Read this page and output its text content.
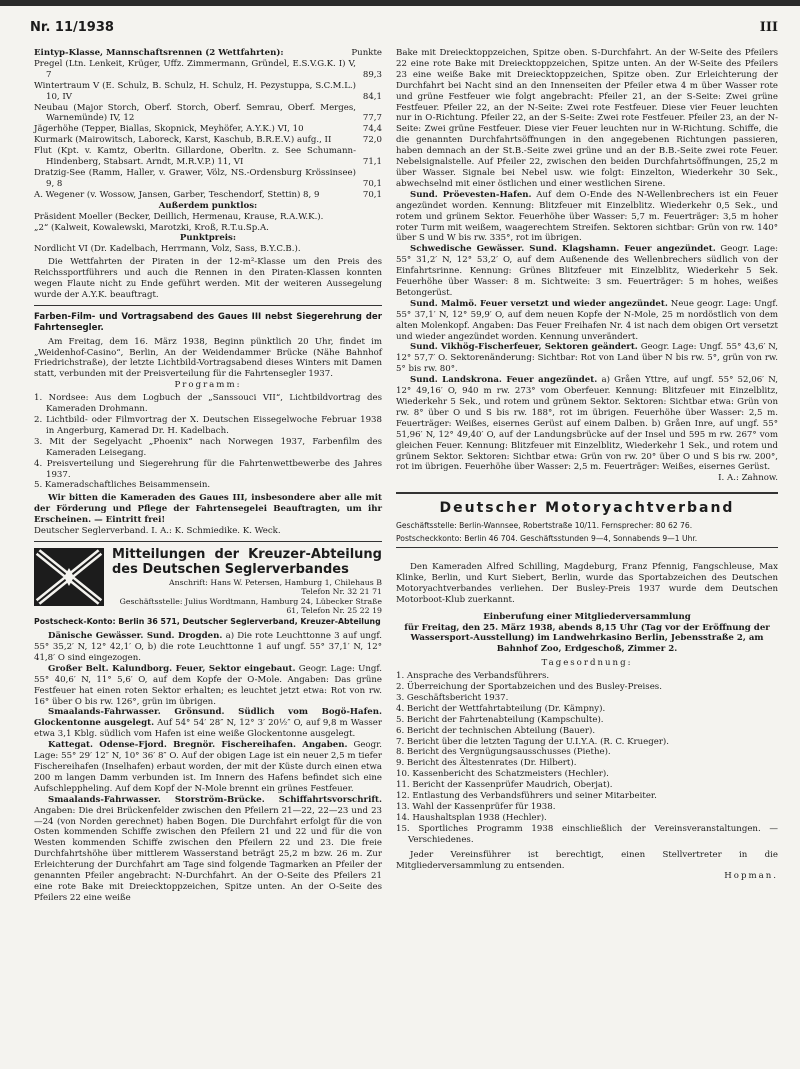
Nr. 11/1938	III
Eintyp-Klasse, Mannschaftsrennen (2 Wettfahrten):	Punkte
Pregel (Ltn. Lenkeit, Krüger, Uffz. Zimmermann, Gründel, E.S.V.G.K. I) V, 7	89,3
Wintertraum V (E. Schulz, B. Schulz, H. Schulz, H. Pezystuppa, S.C.M.L.) 10, IV	84,1
Neubau (Major Storch, Oberf. Storch, Oberf. Semrau, Oberf. Merges, Warnemünde) IV, 12	77,7
Jägerhöhe (Tepper, Biallas, Skopnick, Meyhöfer, A.Y.K.) VI, 10	74,4
Kurmark (Mairowitsch, Laboreck, Karst, Kaschub, B.R.E.V.) aufg., II	72,0
Flut (Kpt. v. Kamtz, Oberltn. Gillardone, Oberltn. z. See Schumann-Hindenberg, Stabsart. Arndt, M.R.V.P.) 11, VI	71,1
Dratzig-See (Ramm, Haller, v. Grawer, Völz, NS.-Ordensburg Krössinsee) 9, 8	70,1
A. Wegener (v. Wossow, Jansen, Garber, Teschendorf, Stettin) 8, 9	70,1

Außerdem punktlos:

Präsident Moeller (Becker, Deillich, Hermenau, Krause, R.A.W.K.).

„2“ (Kalweit, Kowalewski, Marotzki, Kroß, R.T.u.Sp.A.

Punktpreis:

Nordlicht VI (Dr. Kadelbach, Herrmann, Volz, Sass, B.Y.C.B.).

Die Wettfahrten der Piraten in der 12-m²-Klasse um den Preis des Reichssportführers und auch die Rennen in den Piraten-Klassen konnten wegen Flaute nicht zu Ende geführt werden. Mit der weiteren Aussegelung wurde der A.Y.K. beauftragt.

Farben-Film- und Vortragsabend des Gaues III nebst Siegerehrung der Fahrtensegler.

Am Freitag, dem 16. März 1938, Beginn pünktlich 20 Uhr, findet im „Weidenhof-Casino“, Berlin, An der Weidendammer Brücke (Nähe Bahnhof Friedrichstraße), der letzte Lichtbild-Vortragsabend dieses Winters mit Damen statt, verbunden mit der Preisverteilung für die Fahrtensegler 1937.

Programm:

1. Nordsee: Aus dem Logbuch der „Sanssouci VII“, Lichtbildvortrag des Kameraden Drohmann.
2. Lichtbild- oder Filmvortrag der X. Deutschen Eissegelwoche Februar 1938 in Angerburg, Kamerad Dr. H. Kadelbach.
3. Mit der Segelyacht „Phoenix“ nach Norwegen 1937, Farbenfilm des Kameraden Leisegang.
4. Preisverteilung und Siegerehrung für die Fahrtenwettbewerbe des Jahres 1937.
5. Kameradschaftliches Beisammensein.

Wir bitten die Kameraden des Gaues III, insbesondere aber alle mit der Förderung und Pflege der Fahrtensegelei Beauftragten, um ihr Erscheinen. — Eintritt frei!

Deutscher Seglerverband. I. A.: K. Schmiedike. K. Weck.

Mitteilungen der Kreuzer-Abteilung des Deutschen Seglerverbandes
Anschrift: Hans W. Petersen, Hamburg 1, Chilehaus B
Telefon Nr. 32 21 71
Geschäftsstelle: Julius Wordtmann, Hamburg 24, Lübecker Straße 61, Telefon Nr. 25 22 19
Postscheck-Konto: Berlin 36 571, Deutscher Seglerverband, Kreuzer-Abteilung

Dänische Gewässer. Sund. Drogden. a) Die rote Leuchttonne 3 auf ungf. 55° 35,2′ N, 12° 42,1′ O, b) die rote Leuchttonne 1 auf ungf. 55° 37,1′ N, 12° 41,8′ O sind eingezogen.

Großer Belt. Kalundborg. Feuer, Sektor eingebaut. Geogr. Lage: Ungf. 55° 40,6′ N, 11° 5,6′ O, auf dem Kopfe der O-Mole. Angaben: Das grüne Festfeuer hat einen roten Sektor erhalten; es leuchtet jetzt etwa: Rot von rw. 16° über O bis rw. 126°, grün im übrigen.

Smaalands-Fahrwasser. Grönsund. Südlich vom Bogö-Hafen. Glockentonne ausgelegt. Auf 54° 54′ 28″ N, 12° 3′ 20½″ O, auf 9,8 m Wasser etwa 3,1 Kblg. südlich vom Hafen ist eine weiße Glockentonne ausgelegt.

Kattegat. Odense-Fjord. Bregnör. Fischereihafen. Angaben. Geogr. Lage: 55° 29′ 12″ N, 10° 36′ 8″ O. Auf der obigen Lage ist ein neuer 2,5 m tiefer Fischereihafen (Inselhafen) erbaut worden, der mit der Küste durch einen etwa 200 m langen Damm verbunden ist. Im Innern des Hafens befindet sich eine Aufschleppheling. Auf dem Kopf der N-Mole brennt ein grünes Festfeuer.

Smaalands-Fahrwasser. Storström-Brücke. Schiffahrtsvorschrift. Angaben: Die drei Brückenfelder zwischen den Pfeilern 21—22, 22—23 und 23—24 (von Norden gerechnet) haben Bogen. Die Durchfahrt erfolgt für die von Osten kommenden Schiffe zwischen den Pfeilern 21 und 22 und für die von Westen kommenden Schiffe zwischen den Pfeilern 22 und 23. Die freie Durchfahrtshöhe über mittlerem Wasserstand beträgt 25,2 m bzw. 26 m. Zur Erleichterung der Durchfahrt am Tage sind folgende Tagmarken an Pfeiler der genannten Pfeiler angebracht: N-Durchfahrt. An der O-Seite des Pfeilers 21 eine rote Bake mit Dreiecktoppzeichen, Spitze unten. An der O-Seite des Pfeilers 22 eine weiße

Bake mit Dreiecktoppzeichen, Spitze oben. S-Durchfahrt. An der W-Seite des Pfeilers 22 eine rote Bake mit Dreiecktoppzeichen, Spitze unten. An der W-Seite des Pfeilers 23 eine weiße Bake mit Dreiecktoppzeichen, Spitze oben. Zur Erleichterung der Durchfahrt bei Nacht sind an den Innenseiten der Pfeiler etwa 4 m über Wasser rote und grüne Festfeuer wie folgt angebracht: Pfeiler 21, an der S-Seite: Zwei grüne Festfeuer. Pfeiler 22, an der N-Seite: Zwei rote Festfeuer. Diese vier Feuer leuchten nur in O-Richtung. Pfeiler 22, an der S-Seite: Zwei rote Festfeuer. Pfeiler 23, an der N-Seite: Zwei grüne Festfeuer. Diese vier Feuer leuchten nur in W-Richtung. Schiffe, die die genannten Durchfahrtsöffnungen in den angegebenen Richtungen passieren, haben demnach an der St.B.-Seite zwei grüne und an der B.B.-Seite zwei rote Feuer. Nebelsignalstelle. Auf Pfeiler 22, zwischen den beiden Durchfahrtsöffnungen, 25,2 m über Wasser. Signale bei Nebel usw. wie folgt: Einzelton, Wiederkehr 30 Sek., abwechselnd mit einer östlichen und einer westlichen Sirene.

Sund. Pröevesten-Hafen. Auf dem O-Ende des N-Wellenbrechers ist ein Feuer angezündet worden. Kennung: Blitzfeuer mit Einzelblitz. Wiederkehr 0,5 Sek., und rotem und grünem Sektor. Feuerhöhe über Wasser: 5,7 m. Feuerträger: 3,5 m hoher roter Turm mit weißem, waagerechtem Streifen. Sektoren sichtbar: Grün von rw. 140° über S und W bis rw. 335°, rot im übrigen.

Schwedische Gewässer. Sund. Klagshamn. Feuer angezündet. Geogr. Lage: 55° 31,2′ N, 12° 53,2′ O, auf dem Außenende des Wellenbrechers südlich von der Einfahrtsrinne. Kennung: Grünes Blitzfeuer mit Einzelblitz, Wiederkehr 5 Sek. Feuerhöhe über Wasser: 8 m. Sichtweite: 3 sm. Feuerträger: 5 m hohes, weißes Betongerüst.

Sund. Malmö. Feuer versetzt und wieder angezündet. Neue geogr. Lage: Ungf. 55° 37,1′ N, 12° 59,9′ O, auf dem neuen Kopfe der N-Mole, 25 m nordöstlich von dem alten Molenkopf. Angaben: Das Feuer Freihafen Nr. 4 ist nach dem obigen Ort versetzt und wieder angezündet worden. Kennung unverändert.

Sund. Vikhög-Fischerfeuer, Sektoren geändert. Geogr. Lage: Ungf. 55° 43,6′ N, 12° 57,7′ O. Sektorenänderung: Sichtbar: Rot von Land über N bis rw. 5°, grün von rw. 5° bis rw. 80°.

Sund. Landskrona. Feuer angezündet. a) Gråen Yttre, auf ungf. 55° 52,06′ N, 12° 49,16′ O, 940 m rw. 273° vom Oberfeuer. Kennung: Blitzfeuer mit Einzelblitz, Wiederkehr 5 Sek., und rotem und grünem Sektor. Sektoren: Sichtbar etwa: Grün von rw. 8° über O und S bis rw. 188°, rot im übrigen. Feuerhöhe über Wasser: 2,5 m. Feuerträger: Weißes, eisernes Gerüst auf einem Dalben. b) Gråen Inre, auf ungf. 55° 51,96′ N, 12° 49,40′ O, auf der Landungsbrücke auf der Insel und 595 m rw. 267° vom gleichen Feuer. Kennung: Blitzfeuer mit Einzelblitz, Wiederkehr 1 Sek., und rotem und grünem Sektor. Sektoren: Sichtbar etwa: Grün von rw. 20° über O und S bis rw. 200°, rot im übrigen. Feuerhöhe über Wasser: 2,5 m. Feuerträger: Weißes, eisernes Gerüst.

I. A.: Zahnow.

Deutscher Motoryachtverband
Geschäftsstelle: Berlin-Wannsee, Robertstraße 10/11. Fernsprecher: 80 62 76.
Postscheckkonto: Berlin 46 704. Geschäftsstunden 9—4, Sonnabends 9—1 Uhr.

Den Kameraden Alfred Schilling, Magdeburg, Franz Pfennig, Fangschleuse, Max Klinke, Berlin, und Kurt Siebert, Berlin, wurde das Sportabzeichen des Deutschen Motoryachtverbandes verliehen. Der Busley-Preis 1937 wurde dem Deutschen Motorboot-Klub zuerkannt.

Einberufung einer Mitgliederversammlung

für Freitag, den 25. März 1938, abends 8,15 Uhr (Tag vor der Eröffnung der Wassersport-Ausstellung) im Landwehrkasino Berlin, Jebensstraße 2, am Bahnhof Zoo, Erdgeschoß, Zimmer 2.

Tagesordnung:

1. Ansprache des Verbandsführers.
2. Überreichung der Sportabzeichen und des Busley-Preises.
3. Geschäftsbericht 1937.
4. Bericht der Wettfahrtabteilung (Dr. Kämpny).
5. Bericht der Fahrtenabteilung (Kampschulte).
6. Bericht der technischen Abteilung (Bauer).
7. Bericht über die letzten Tagung der U.I.Y.A. (R. C. Krueger).
8. Bericht des Vergnügungsausschusses (Piethe).
9. Bericht des Ältestenrates (Dr. Hilbert).
10. Kassenbericht des Schatzmeisters (Hechler).
11. Bericht der Kassenprüfer Maudrich, Oberjat).
12. Entlastung des Verbandsführers und seiner Mitarbeiter.
13. Wahl der Kassenprüfer für 1938.
14. Haushaltsplan 1938 (Hechler).
15. Sportliches Programm 1938 einschließlich der Vereinsveranstaltungen. — Verschiedenes.

Jeder Vereinsführer ist berechtigt, einen Stellvertreter in die Mitgliederversammlung zu entsenden.

Hopman.
